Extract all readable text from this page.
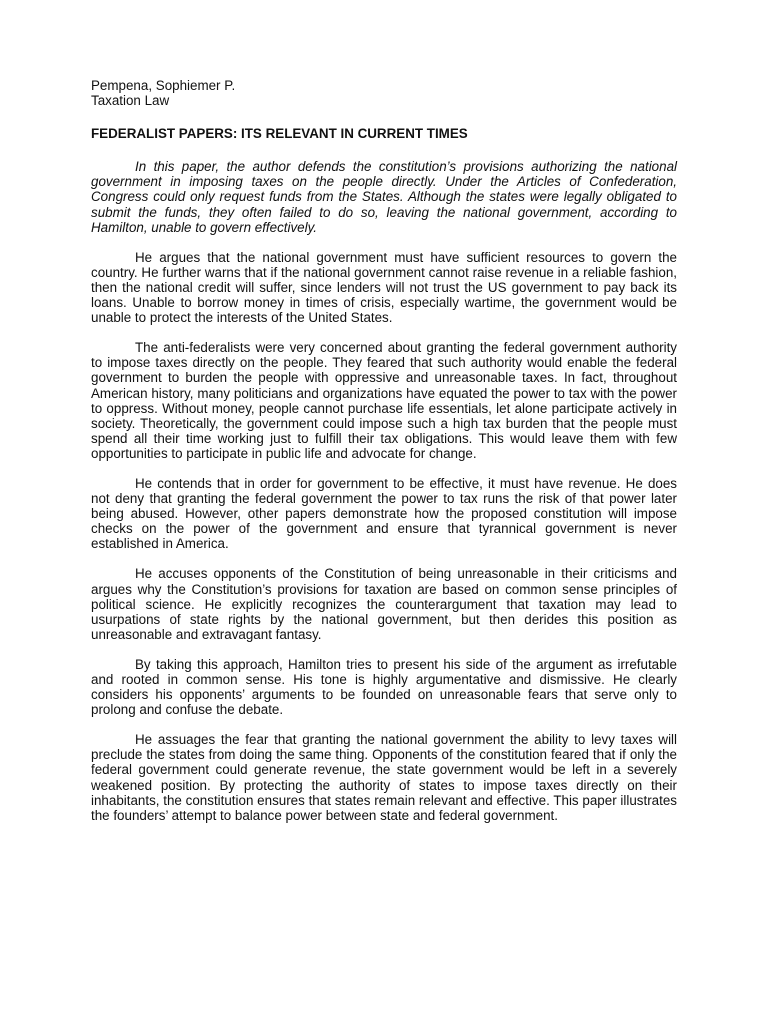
Pempena, Sophiemer P.

Taxation Law

FEDERALIST PAPERS: ITS RELEVANT IN CURRENT TIMES

In this paper, the author defends the constitution’s provisions authorizing the national government in imposing taxes on the people directly. Under the Articles of Confederation, Congress could only request funds from the States. Although the states were legally obligated to submit the funds, they often failed to do so, leaving the national government, according to Hamilton, unable to govern effectively.

He argues that the national government must have sufficient resources to govern the country. He further warns that if the national government cannot raise revenue in a reliable fashion, then the national credit will suffer, since lenders will not trust the US government to pay back its loans. Unable to borrow money in times of crisis, especially wartime, the government would be unable to protect the interests of the United States.

The anti-federalists were very concerned about granting the federal government authority to impose taxes directly on the people. They feared that such authority would enable the federal government to burden the people with oppressive and unreasonable taxes. In fact, throughout American history, many politicians and organizations have equated the power to tax with the power to oppress. Without money, people cannot purchase life essentials, let alone participate actively in society. Theoretically, the government could impose such a high tax burden that the people must spend all their time working just to fulfill their tax obligations. This would leave them with few opportunities to participate in public life and advocate for change.

He contends that in order for government to be effective, it must have revenue. He does not deny that granting the federal government the power to tax runs the risk of that power later being abused. However, other papers demonstrate how the proposed constitution will impose checks on the power of the government and ensure that tyrannical government is never established in America.

He accuses opponents of the Constitution of being unreasonable in their criticisms and argues why the Constitution’s provisions for taxation are based on common sense principles of political science. He explicitly recognizes the counterargument that taxation may lead to usurpations of state rights by the national government, but then derides this position as unreasonable and extravagant fantasy.

By taking this approach, Hamilton tries to present his side of the argument as irrefutable and rooted in common sense. His tone is highly argumentative and dismissive. He clearly considers his opponents’ arguments to be founded on unreasonable fears that serve only to prolong and confuse the debate.

He assuages the fear that granting the national government the ability to levy taxes will preclude the states from doing the same thing. Opponents of the constitution feared that if only the federal government could generate revenue, the state government would be left in a severely weakened position. By protecting the authority of states to impose taxes directly on their inhabitants, the constitution ensures that states remain relevant and effective. This paper illustrates the founders’ attempt to balance power between state and federal government.
